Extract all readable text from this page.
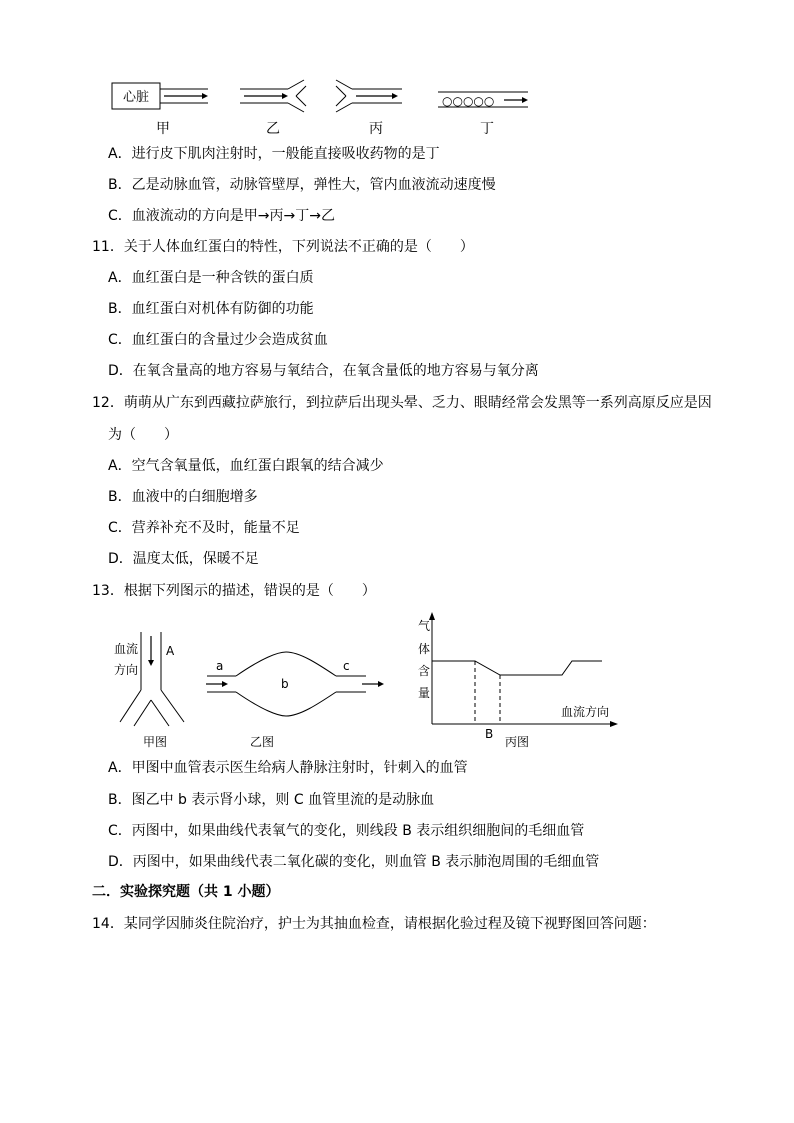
心脏
甲	乙	丙
○○○○○
丁
A．进行皮下肌肉注射时，一般能直接吸收药物的是丁
B．乙是动脉血管，动脉管壁厚，弹性大，管内血液流动速度慢
C．血液流动的方向是甲→丙→丁→乙
11．关于人体血红蛋白的特性，下列说法不正确的是（　　）
A．血红蛋白是一种含铁的蛋白质
B．血红蛋白对机体有防御的功能
C．血红蛋白的含量过少会造成贫血
D．在氧含量高的地方容易与氧结合，在氧含量低的地方容易与氧分离
12．萌萌从广东到西藏拉萨旅行，到拉萨后出现头晕、乏力、眼睛经常会发黑等一系列高原反应是因
为（　　）
A．空气含氧量低，血红蛋白跟氧的结合减少
B．血液中的白细胞增多
C．营养补充不及时，能量不足
D．温度太低，保暖不足
13．根据下列图示的描述，错误的是（　　）
血流
方向
A
甲图
a
b
c
乙图
气
体
含
量
血流方向
B
丙图
A．甲图中血管表示医生给病人静脉注射时，针刺入的血管
B．图乙中 b 表示肾小球，则 C 血管里流的是动脉血
C．丙图中，如果曲线代表氧气的变化，则线段 B 表示组织细胞间的毛细血管
D．丙图中，如果曲线代表二氧化碳的变化，则血管 B 表示肺泡周围的毛细血管
二．实验探究题（共 1 小题）
14．某同学因肺炎住院治疗，护士为其抽血检查，请根据化验过程及镜下视野图回答问题：
